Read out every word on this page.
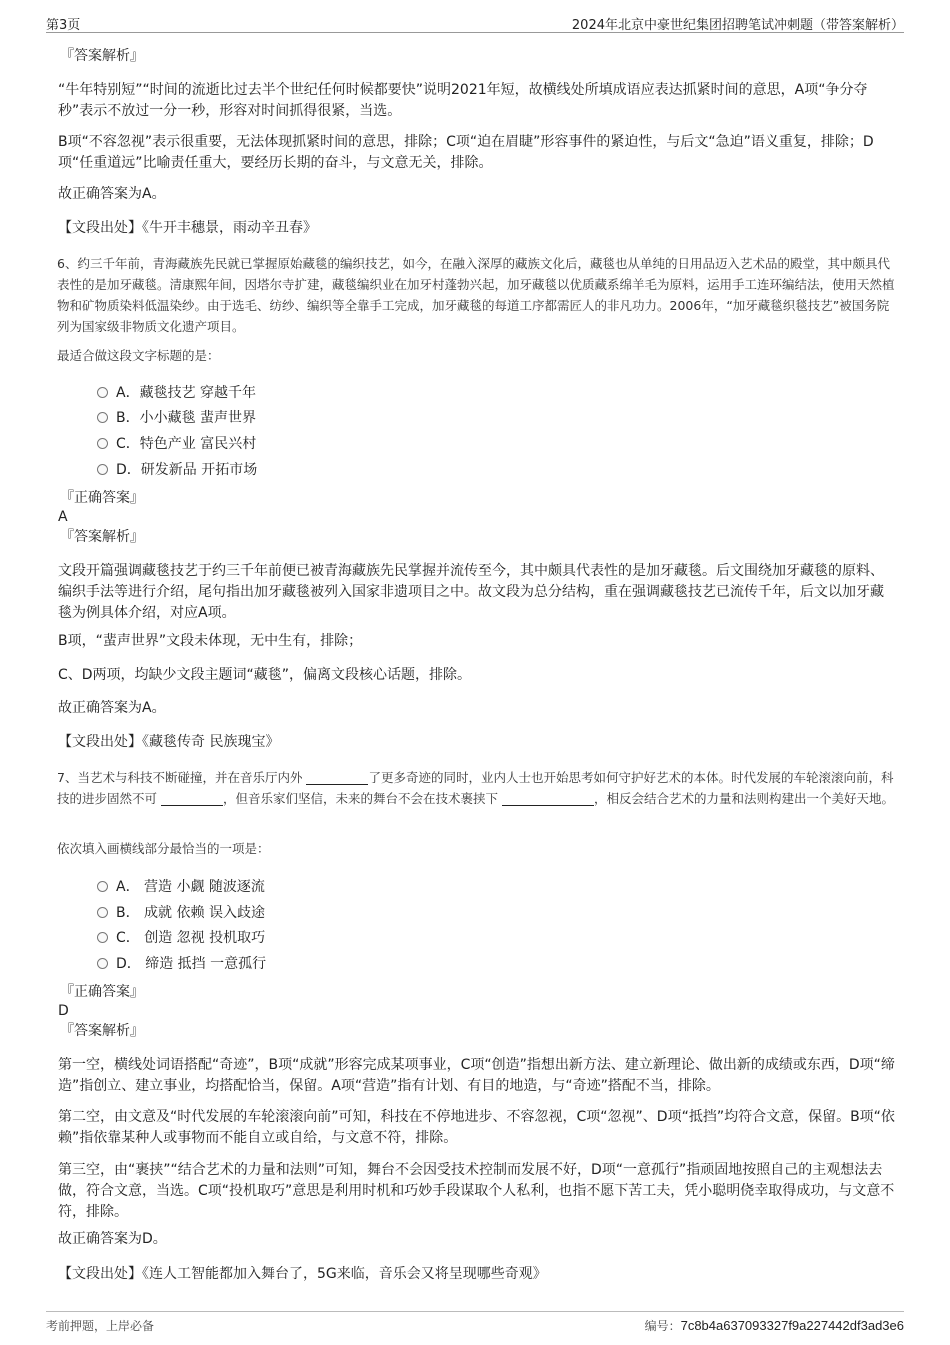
第3页	2024年北京中豪世纪集团招聘笔试冲刺题（带答案解析）

『答案解析』

“牛年特别短”“时间的流逝比过去半个世纪任何时候都要快”说明2021年短，故横线处所填成语应表达抓紧时间的意思，A项“争分夺秒”表示不放过一分一秒，形容对时间抓得很紧，当选。

B项“不容忽视”表示很重要，无法体现抓紧时间的意思，排除；C项“迫在眉睫”形容事件的紧迫性，与后文“急迫”语义重复，排除；D项“任重道远”比喻责任重大，要经历长期的奋斗，与文意无关，排除。

故正确答案为A。

【文段出处】《牛开丰穗景，雨动辛丑春》

6、约三千年前，青海藏族先民就已掌握原始藏毯的编织技艺，如今，在融入深厚的藏族文化后，藏毯也从单纯的日用品迈入艺术品的殿堂，其中颇具代表性的是加牙藏毯。清康熙年间，因塔尔寺扩建，藏毯编织业在加牙村蓬勃兴起，加牙藏毯以优质藏系绵羊毛为原料，运用手工连环编结法，使用天然植物和矿物质染料低温染纱。由于选毛、纺纱、编织等全靠手工完成，加牙藏毯的每道工序都需匠人的非凡功力。2006年，“加牙藏毯织毯技艺”被国务院列为国家级非物质文化遗产项目。

最适合做这段文字标题的是：

A．藏毯技艺 穿越千年
B．小小藏毯 蜚声世界
C．特色产业 富民兴村
D．研发新品 开拓市场

『正确答案』

A

『答案解析』

文段开篇强调藏毯技艺于约三千年前便已被青海藏族先民掌握并流传至今，其中颇具代表性的是加牙藏毯。后文围绕加牙藏毯的原料、编织手法等进行介绍，尾句指出加牙藏毯被列入国家非遗项目之中。故文段为总分结构，重在强调藏毯技艺已流传千年，后文以加牙藏毯为例具体介绍，对应A项。

B项，“蜚声世界”文段未体现，无中生有，排除；

C、D两项，均缺少文段主题词“藏毯”，偏离文段核心话题，排除。

故正确答案为A。

【文段出处】《藏毯传奇 民族瑰宝》

7、当艺术与科技不断碰撞，并在音乐厅内外	了更多奇迹的同时，业内人士也开始思考如何守护好艺术的本体。时代发展的车轮滚滚向前，科技的进步固然不可	，但音乐家们坚信，未来的舞台不会在技术裹挟下	，相反会结合艺术的力量和法则构建出一个美好天地。

依次填入画横线部分最恰当的一项是：

A． 营造 小觑 随波逐流
B． 成就 依赖 误入歧途
C． 创造 忽视 投机取巧
D． 缔造 抵挡 一意孤行

『正确答案』

D

『答案解析』

第一空，横线处词语搭配“奇迹”，B项“成就”形容完成某项事业，C项“创造”指想出新方法、建立新理论、做出新的成绩或东西，D项“缔造”指创立、建立事业，均搭配恰当，保留。A项“营造”指有计划、有目的地造，与“奇迹”搭配不当，排除。

第二空，由文意及“时代发展的车轮滚滚向前”可知，科技在不停地进步、不容忽视，C项“忽视”、D项“抵挡”均符合文意，保留。B项“依赖”指依靠某种人或事物而不能自立或自给，与文意不符，排除。

第三空，由“裹挟”“结合艺术的力量和法则”可知，舞台不会因受技术控制而发展不好，D项“一意孤行”指顽固地按照自己的主观想法去做，符合文意，当选。C项“投机取巧”意思是利用时机和巧妙手段谋取个人私利，也指不愿下苦工夫，凭小聪明侥幸取得成功，与文意不符，排除。

故正确答案为D。

【文段出处】《连人工智能都加入舞台了，5G来临，音乐会又将呈现哪些奇观》

考前押题，上岸必备	编号：7c8b4a637093327f9a227442df3ad3e6
